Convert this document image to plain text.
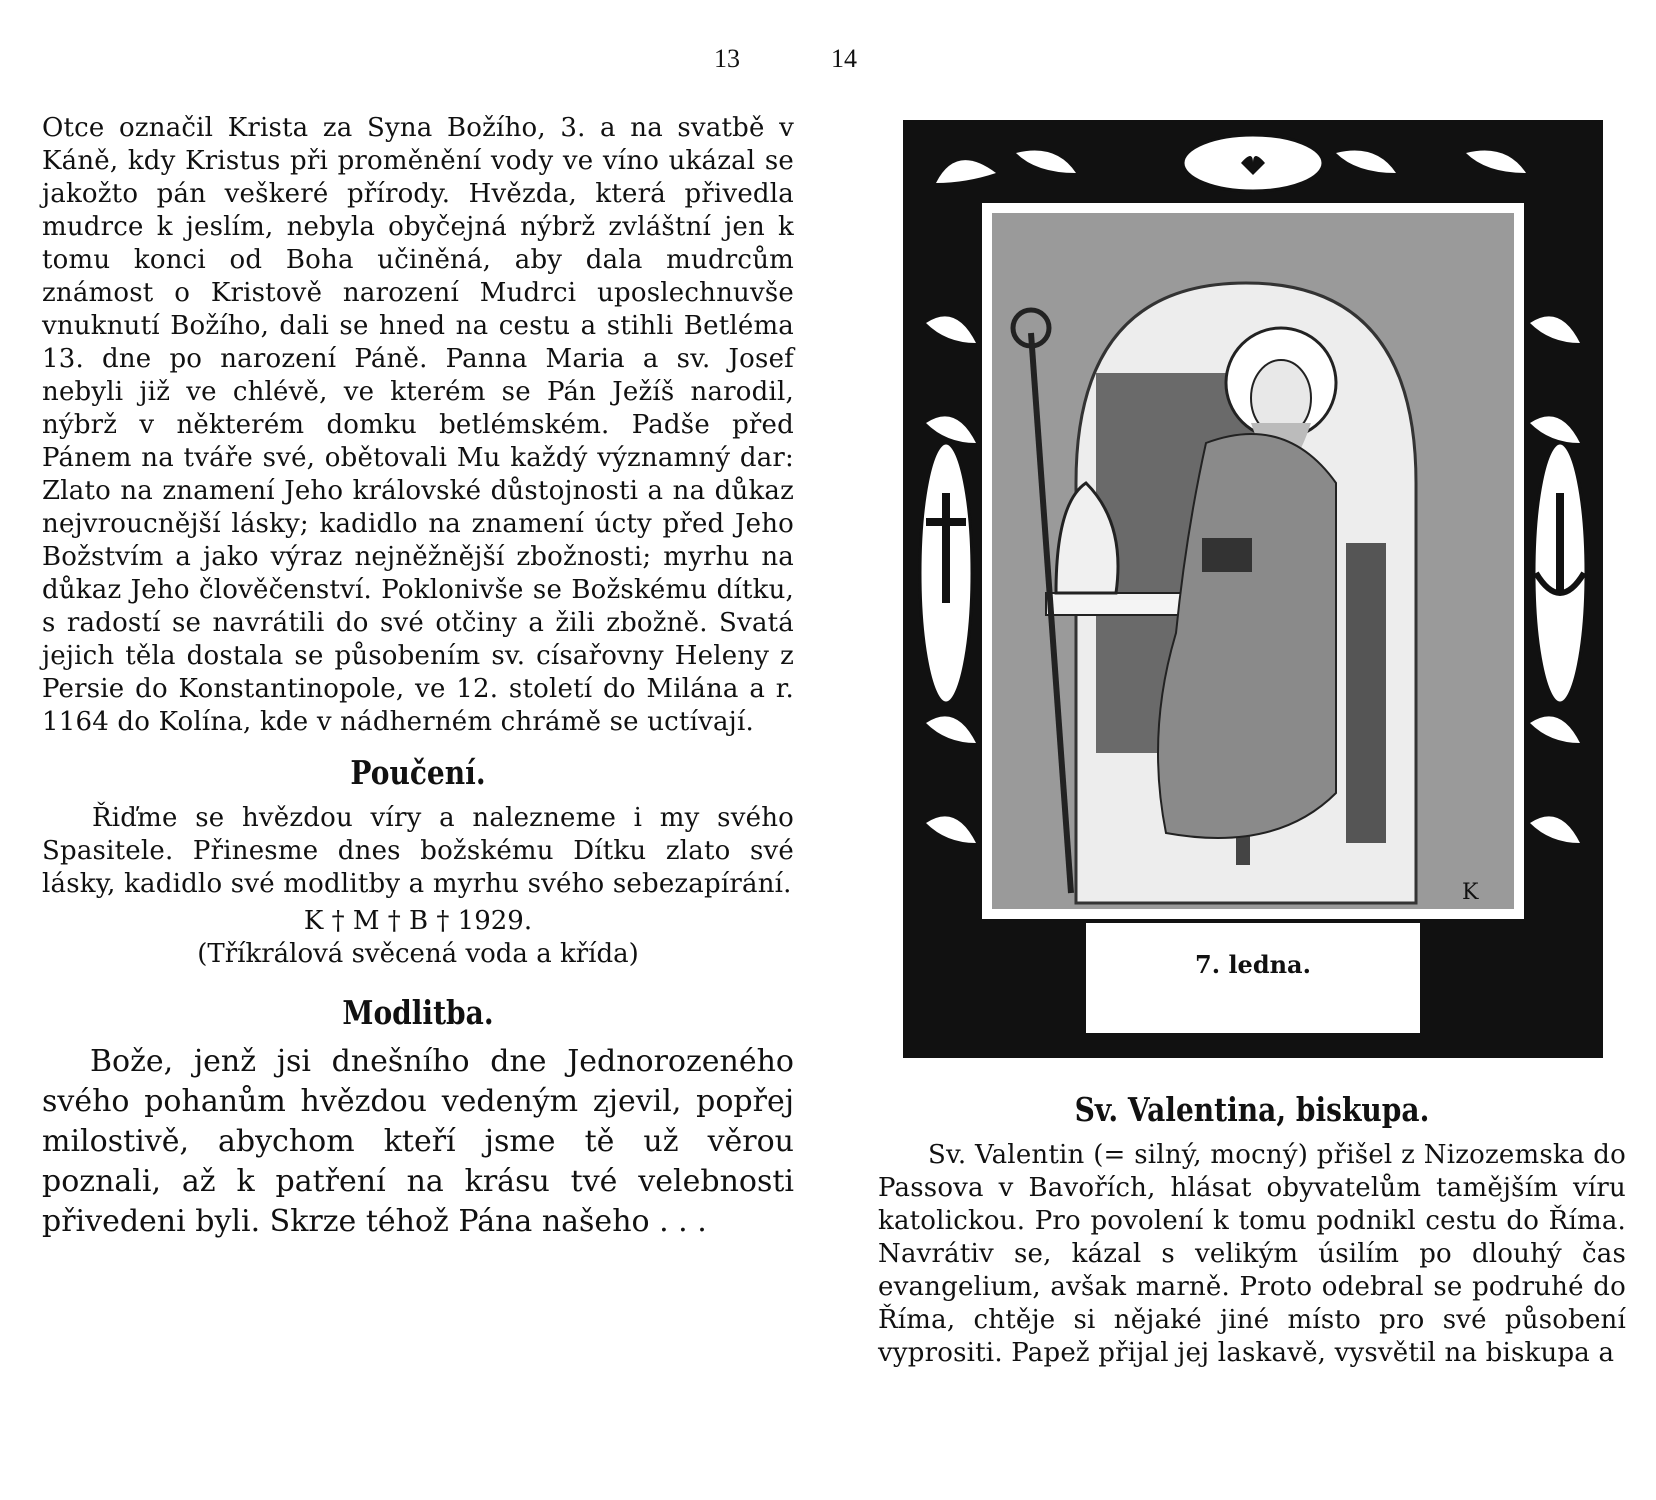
13	14

Otce označil Krista za Syna Božího, 3. a na svatbě v Káně, kdy Kristus při proměnění vody ve víno ukázal se jakožto pán veškeré přírody. Hvězda, která přivedla mudrce k jeslím, nebyla obyčejná nýbrž zvláštní jen k tomu konci od Boha učiněná, aby dala mudrcům známost o Kristově narození Mudrci uposlechnuvše vnuknutí Božího, dali se hned na cestu a stihli Betléma 13. dne po narození Páně. Panna Maria a sv. Josef nebyli již ve chlévě, ve kterém se Pán Ježíš narodil, nýbrž v některém domku betlémském. Padše před Pánem na tváře své, obětovali Mu každý významný dar: Zlato na znamení Jeho královské důstojnosti a na důkaz nejvroucnější lásky; kadidlo na znamení úcty před Jeho Božstvím a jako výraz nejněžnější zbožnosti; myrhu na důkaz Jeho člověčenství. Poklonivše se Božskému dítku, s radostí se navrátili do své otčiny a žili zbožně. Svatá jejich těla dostala se působením sv. císařovny Heleny z Persie do Konstantinopole, ve 12. století do Milána a r. 1164 do Kolína, kde v nádherném chrámě se uctívají.

Poučení.

Řiďme se hvězdou víry a nalezneme i my svého Spasitele. Přinesme dnes božskému Dítku zlato své lásky, kadidlo své modlitby a myrhu svého sebezapírání.

K † M † B † 1929.
(Tříkrálová svěcená voda a křída)
Modlitba.

Bože, jenž jsi dnešního dne Jednorozeného svého pohanům hvězdou vedeným zjevil, popřej milostivě, abychom kteří jsme tě už věrou poznali, až k patření na krásu tvé velebnosti přivedeni byli. Skrze téhož Pána našeho . . .

K
7. ledna.
Sv. Valentina, biskupa.

Sv. Valentin (= silný, mocný) přišel z Nizozemska do Passova v Bavořích, hlásat obyvatelům tamějším víru katolickou. Pro povolení k tomu podnikl cestu do Říma. Navrátiv se, kázal s velikým úsilím po dlouhý čas evangelium, avšak marně. Proto odebral se podruhé do Říma, chtěje si nějaké jiné místo pro své působení vyprositi. Papež přijal jej laskavě, vysvětil na biskupa a
